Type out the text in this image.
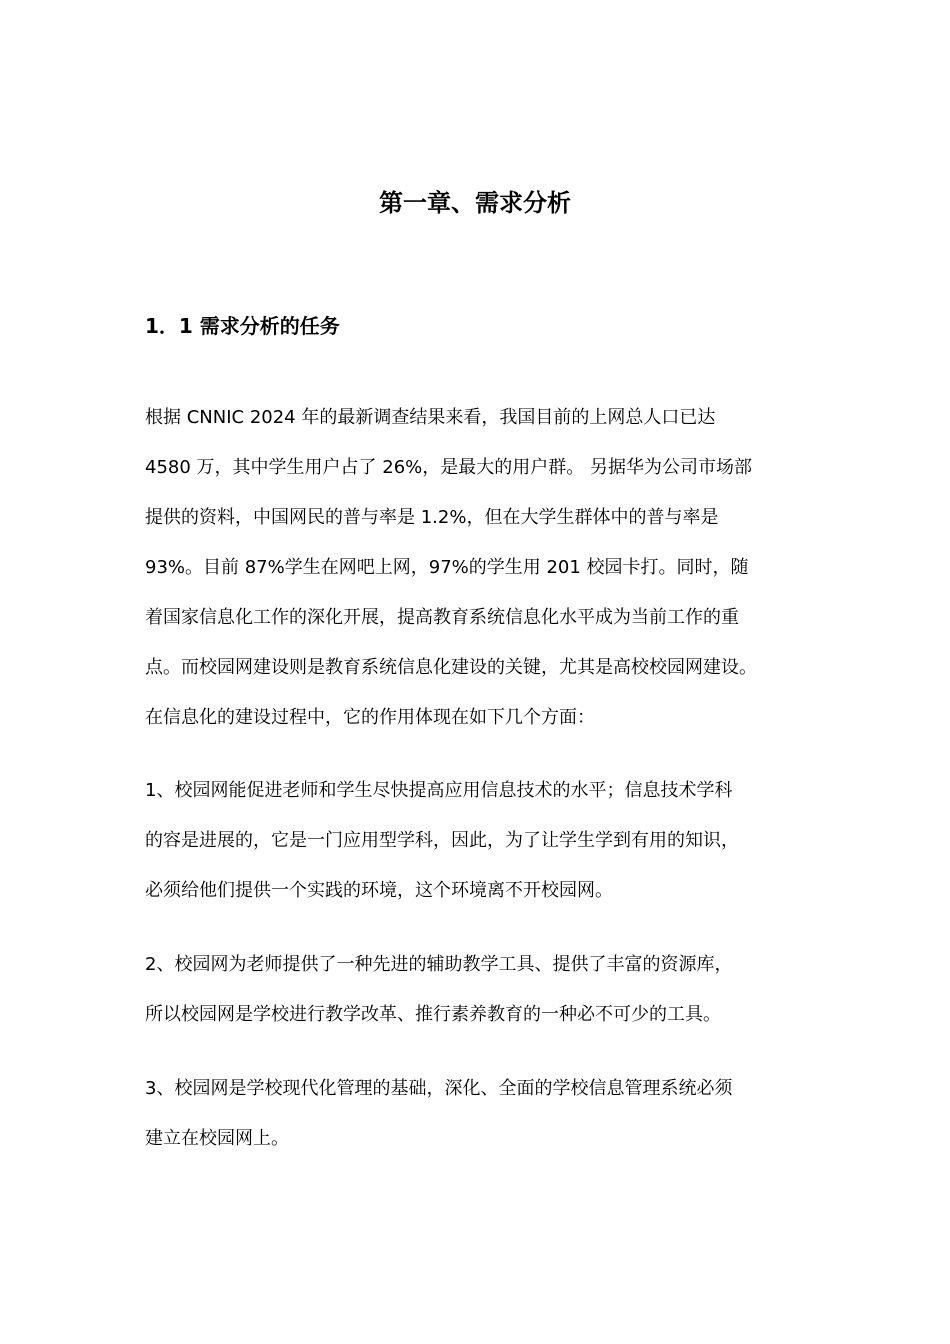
第一章、需求分析
1．1 需求分析的任务

根据 CNNIC 2024 年的最新调查结果来看，我国目前的上网总人口已达
4580 万，其中学生用户占了 26%，是最大的用户群。 另据华为公司市场部
提供的资料，中国网民的普与率是 1.2%，但在大学生群体中的普与率是
93%。目前 87%学生在网吧上网，97%的学生用 201 校园卡打。同时，随
着国家信息化工作的深化开展，提高教育系统信息化水平成为当前工作的重
点。而校园网建设则是教育系统信息化建设的关键，尤其是高校校园网建设。
在信息化的建设过程中，它的作用体现在如下几个方面：

1、校园网能促进老师和学生尽快提高应用信息技术的水平；信息技术学科
的容是进展的，它是一门应用型学科，因此，为了让学生学到有用的知识，
必须给他们提供一个实践的环境，这个环境离不开校园网。

2、校园网为老师提供了一种先进的辅助教学工具、提供了丰富的资源库，
所以校园网是学校进行教学改革、推行素养教育的一种必不可少的工具。

3、校园网是学校现代化管理的基础，深化、全面的学校信息管理系统必须
建立在校园网上。
